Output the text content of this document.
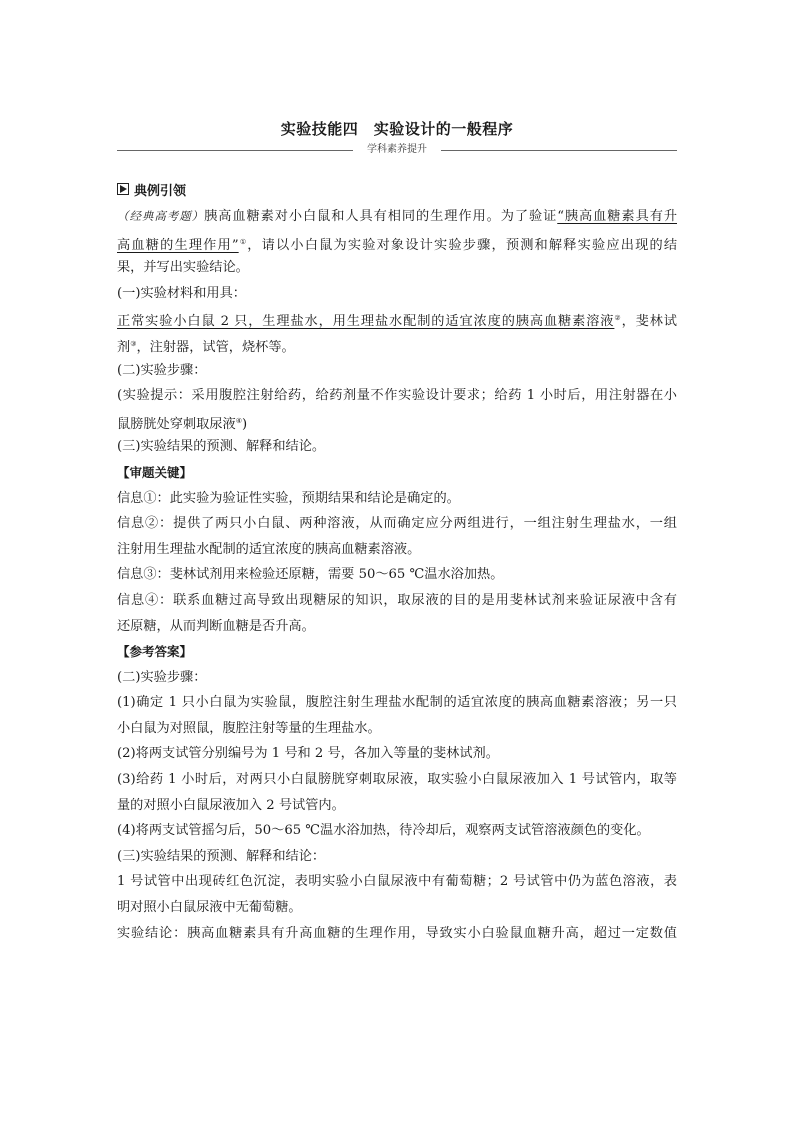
实验技能四　实验设计的一般程序
学科素养提升
典例引领
（经典高考题）胰高血糖素对小白鼠和人具有相同的生理作用。为了验证“胰高血糖素具有升
高血糖的生理作用”①，请以小白鼠为实验对象设计实验步骤，预测和解释实验应出现的结
果，并写出实验结论。
(一)实验材料和用具：
正常实验小白鼠 2 只，生理盐水，用生理盐水配制的适宜浓度的胰高血糖素溶液②，斐林试
剂③，注射器，试管，烧杯等。
(二)实验步骤：
(实验提示：采用腹腔注射给药，给药剂量不作实验设计要求；给药 1 小时后，用注射器在小
鼠膀胱处穿刺取尿液④)
(三)实验结果的预测、解释和结论。
【审题关键】
信息①：此实验为验证性实验，预期结果和结论是确定的。
信息②：提供了两只小白鼠、两种溶液，从而确定应分两组进行，一组注射生理盐水，一组
注射用生理盐水配制的适宜浓度的胰高血糖素溶液。
信息③：斐林试剂用来检验还原糖，需要 50～65 ℃温水浴加热。
信息④：联系血糖过高导致出现糖尿的知识，取尿液的目的是用斐林试剂来验证尿液中含有
还原糖，从而判断血糖是否升高。
【参考答案】
(二)实验步骤：
(1)确定 1 只小白鼠为实验鼠，腹腔注射生理盐水配制的适宜浓度的胰高血糖素溶液；另一只
小白鼠为对照鼠，腹腔注射等量的生理盐水。
(2)将两支试管分别编号为 1 号和 2 号，各加入等量的斐林试剂。
(3)给药 1 小时后，对两只小白鼠膀胱穿刺取尿液，取实验小白鼠尿液加入 1 号试管内，取等
量的对照小白鼠尿液加入 2 号试管内。
(4)将两支试管摇匀后，50～65 ℃温水浴加热，待冷却后，观察两支试管溶液颜色的变化。
(三)实验结果的预测、解释和结论：
1 号试管中出现砖红色沉淀，表明实验小白鼠尿液中有葡萄糖；2 号试管中仍为蓝色溶液，表
明对照小白鼠尿液中无葡萄糖。
实验结论：胰高血糖素具有升高血糖的生理作用，导致实小白验鼠血糖升高，超过一定数值
